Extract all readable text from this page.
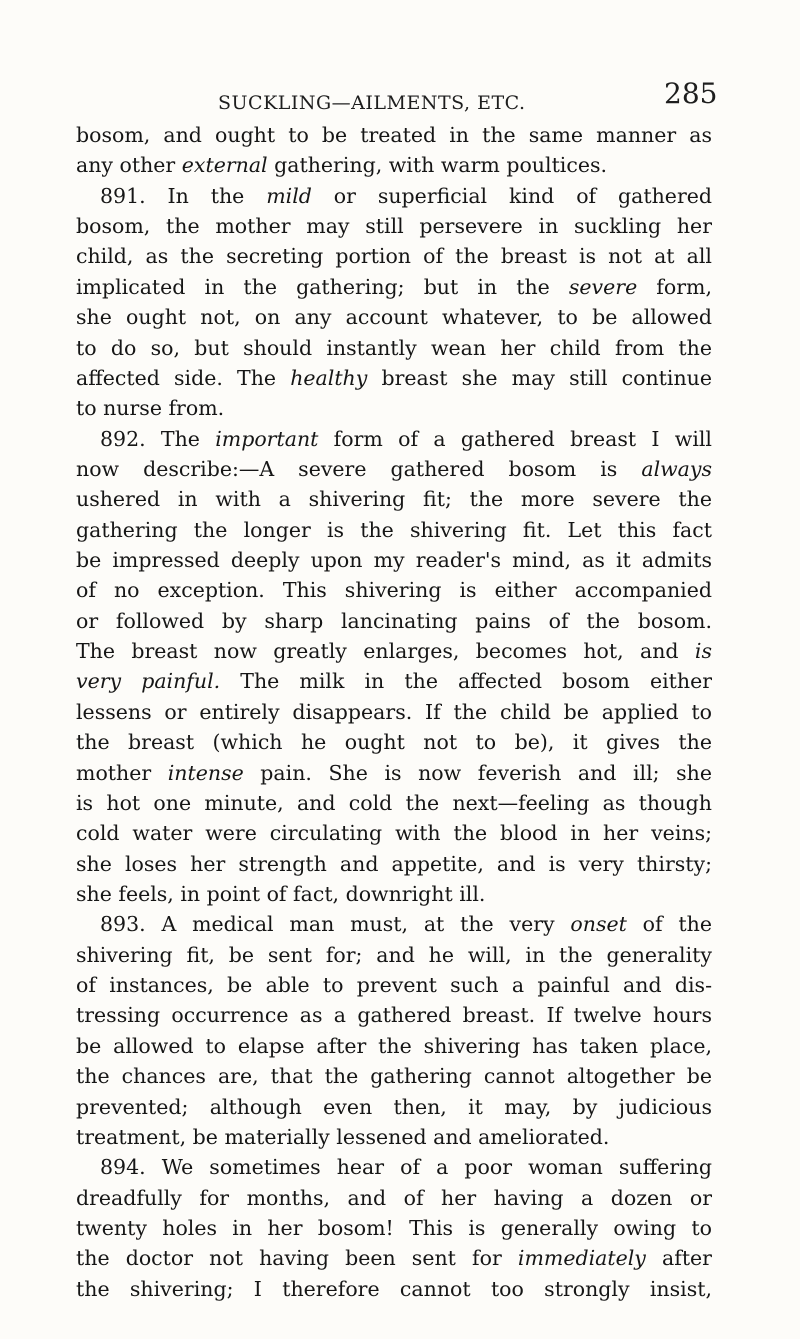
SUCKLING—AILMENTS, ETC.	285
bosom, and ought to be treated in the same manner as
any other external gathering, with warm poultices.
891. In the mild or superficial kind of gathered
bosom, the mother may still persevere in suckling her
child, as the secreting portion of the breast is not at all
implicated in the gathering; but in the severe form,
she ought not, on any account whatever, to be allowed
to do so, but should instantly wean her child from the
affected side. The healthy breast she may still continue
to nurse from.
892. The important form of a gathered breast I will
now describe:—A severe gathered bosom is always
ushered in with a shivering fit; the more severe the
gathering the longer is the shivering fit. Let this fact
be impressed deeply upon my reader's mind, as it admits
of no exception. This shivering is either accompanied
or followed by sharp lancinating pains of the bosom.
The breast now greatly enlarges, becomes hot, and is
very painful. The milk in the affected bosom either
lessens or entirely disappears. If the child be applied to
the breast (which he ought not to be), it gives the
mother intense pain. She is now feverish and ill; she
is hot one minute, and cold the next—feeling as though
cold water were circulating with the blood in her veins;
she loses her strength and appetite, and is very thirsty;
she feels, in point of fact, downright ill.
893. A medical man must, at the very onset of the
shivering fit, be sent for; and he will, in the generality
of instances, be able to prevent such a painful and dis-
tressing occurrence as a gathered breast. If twelve hours
be allowed to elapse after the shivering has taken place,
the chances are, that the gathering cannot altogether be
prevented; although even then, it may, by judicious
treatment, be materially lessened and ameliorated.
894. We sometimes hear of a poor woman suffering
dreadfully for months, and of her having a dozen or
twenty holes in her bosom! This is generally owing to
the doctor not having been sent for immediately after
the shivering; I therefore cannot too strongly insist,
